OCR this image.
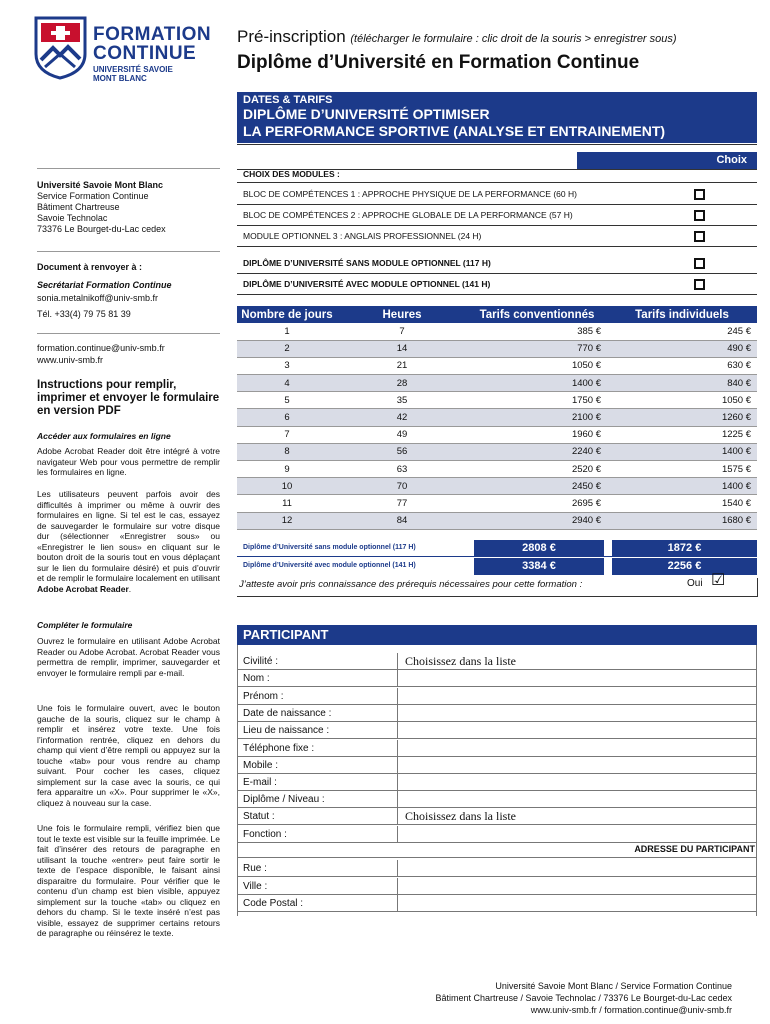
FORMATION
CONTINUE
UNIVERSITÉ SAVOIE
MONT BLANC
Pré-inscription (télécharger le formulaire : clic droit de la souris > enregistrer sous)
Diplôme d’Université en Formation Continue
DATES & TARIFS
DIPLÔME D’UNIVERSITÉ OPTIMISER
LA PERFORMANCE SPORTIVE (ANALYSE ET ENTRAINEMENT)
Choix
CHOIX DES MODULES :
BLOC DE COMPÉTENCES 1 : APPROCHE PHYSIQUE DE LA PERFORMANCE (60 H)
BLOC DE COMPÉTENCES 2 : APPROCHE GLOBALE DE LA PERFORMANCE (57 H)
MODULE OPTIONNEL 3 : ANGLAIS PROFESSIONNEL (24 H)
DIPLÔME D’UNIVERSITÉ SANS MODULE OPTIONNEL (117 H)
DIPLÔME D’UNIVERSITÉ AVEC MODULE OPTIONNEL (141 H)
Université Savoie Mont Blanc
Service Formation Continue
Bâtiment Chartreuse
Savoie Technolac
73376 Le Bourget-du-Lac cedex
Document à renvoyer à :
Secrétariat Formation Continue
sonia.metalnikoff@univ-smb.fr
Tél. +33(4) 79 75 81 39
formation.continue@univ-smb.fr
www.univ-smb.fr
Instructions pour remplir, imprimer et envoyer le formulaire en version PDF
Accéder aux formulaires en ligne
Adobe Acrobat Reader doit être intégré à votre navigateur Web pour vous permettre de remplir les formulaires en ligne.
Les utilisateurs peuvent parfois avoir des difficultés à imprimer ou même à ouvrir des formulaires en ligne. Si tel est le cas, essayez de sauvegarder le formulaire sur votre disque dur (sélectionner «Enregistrer sous» ou «Enregistrer le lien sous» en cliquant sur le bouton droit de la souris tout en vous déplaçant sur le lien du formulaire désiré) et puis d’ouvrir et de remplir le formulaire localement en utilisant Adobe Acrobat Reader.
Compléter le formulaire
Ouvrez le formulaire en utilisant Adobe Acrobat Reader ou Adobe Acrobat. Acrobat Reader vous permettra de remplir, imprimer, sauvegarder et envoyer le formulaire rempli par e-mail.
Une fois le formulaire ouvert, avec le bouton gauche de la souris, cliquez sur le champ à remplir et insérez votre texte. Une fois l’information rentrée, cliquez en dehors du champ qui vient d’être rempli ou appuyez sur la touche «tab» pour vous rendre au champ suivant. Pour cocher les cases, cliquez simplement sur la case avec la souris, ce qui fera apparaitre un «X». Pour supprimer le «X», cliquez à nouveau sur la case.
Une fois le formulaire rempli, vérifiez bien que tout le texte est visible sur la feuille imprimée. Le fait d’insérer des retours de paragraphe en utilisant la touche «entrer» peut faire sortir le texte de l’espace disponible, le faisant ainsi disparaitre du formulaire. Pour vérifier que le contenu d’un champ est bien visible, appuyez simplement sur la touche «tab» ou cliquez en dehors du champ. Si le texte inséré n’est pas visible, essayez de supprimer certains retours de paragraphe ou réinsérez le texte.
Nombre de jours	Heures	Tarifs conventionnés	Tarifs individuels
1	7	385 €	245 €
2	14	770 €	490 €
3	21	1050 €	630 €
4	28	1400 €	840 €
5	35	1750 €	1050 €
6	42	2100 €	1260 €
7	49	1960 €	1225 €
8	56	2240 €	1400 €
9	63	2520 €	1575 €
10	70	2450 €	1400 €
11	77	2695 €	1540 €
12	84	2940 €	1680 €
Diplôme d’Université sans module optionnel (117 H)	2808 €	1872 €
Diplôme d’Université avec module optionnel (141 H)	3384 €	2256 €
J’atteste avoir pris connaissance des prérequis nécessaires pour cette formation :	Oui ☑
PARTICIPANT
Civilité :	Choisissez dans la liste
Nom :
Prénom :
Date de naissance :
Lieu de naissance :
Téléphone fixe :
Mobile :
E-mail :
Diplôme / Niveau :
Statut :	Choisissez dans la liste
Fonction :
ADRESSE DU PARTICIPANT
Rue :
Ville :
Code Postal :
Université Savoie Mont Blanc / Service Formation Continue
Bâtiment Chartreuse / Savoie Technolac / 73376 Le Bourget-du-Lac cedex
www.univ-smb.fr / formation.continue@univ-smb.fr
